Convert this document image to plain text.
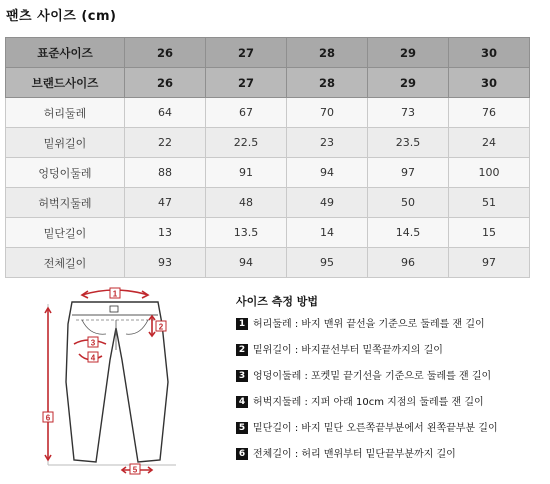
팬츠 사이즈 (cm)
표준사이즈	26	27	28	29	30
브랜드사이즈	26	27	28	29	30
허리둘레	64	67	70	73	76
밑위길이	22	22.5	23	23.5	24
엉덩이둘레	88	91	94	97	100
허벅지둘레	47	48	49	50	51
밑단길이	13	13.5	14	14.5	15
전체길이	93	94	95	96	97
1
2
3
4
5
6
사이즈 측정 방법
1 허리둘레 : 바지 맨위 끝선을 기준으로 둘레를 잰 길이
2 밑위길이 : 바지끝선부터 밑쪽끝까지의 길이
3 엉덩이둘레 : 포켓밑 끝기선을 기준으로 둘레를 잰 길이
4 허벅지둘레 : 지퍼 아래 10cm 지점의 둘레를 잰 길이
5 밑단길이 : 바지 밑단 오른쪽끝부분에서 왼쪽끝부분 길이
6 전체길이 : 허리 맨위부터 밑단끝부분까지 길이
